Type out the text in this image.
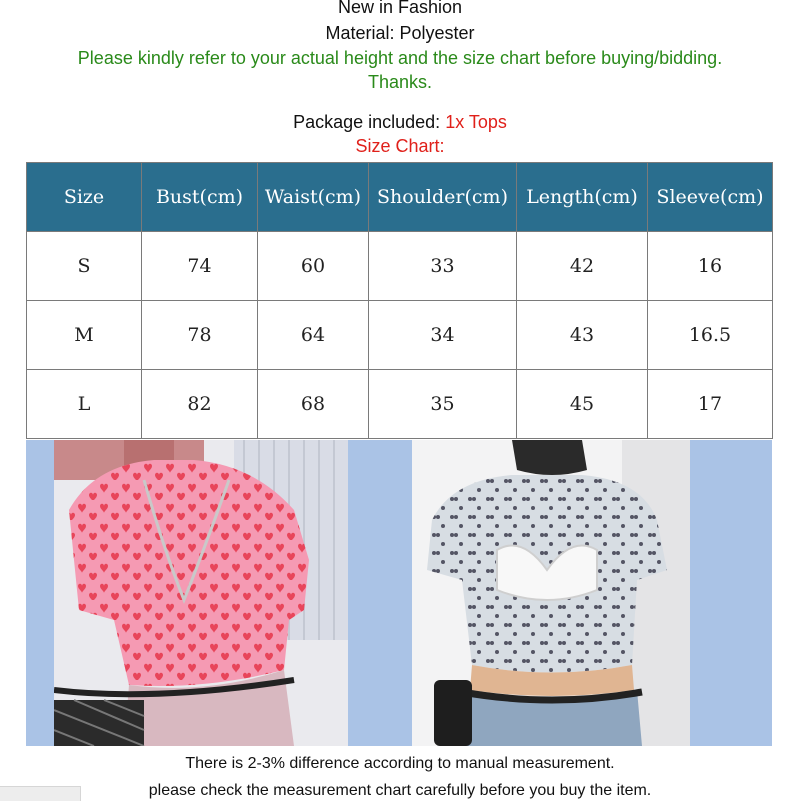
New in Fashion
Material: Polyester
Please kindly refer to your actual height and the size chart before buying/bidding.
Thanks.
Package included: 1x Tops
Size Chart:
Size	Bust(cm)	Waist(cm)	Shoulder(cm)	Length(cm)	Sleeve(cm)
S	74	60	33	42	16
M	78	64	34	43	16.5
L	82	68	35	45	17
There is 2-3% difference according to manual measurement.
please check the measurement chart carefully before you buy the item.
